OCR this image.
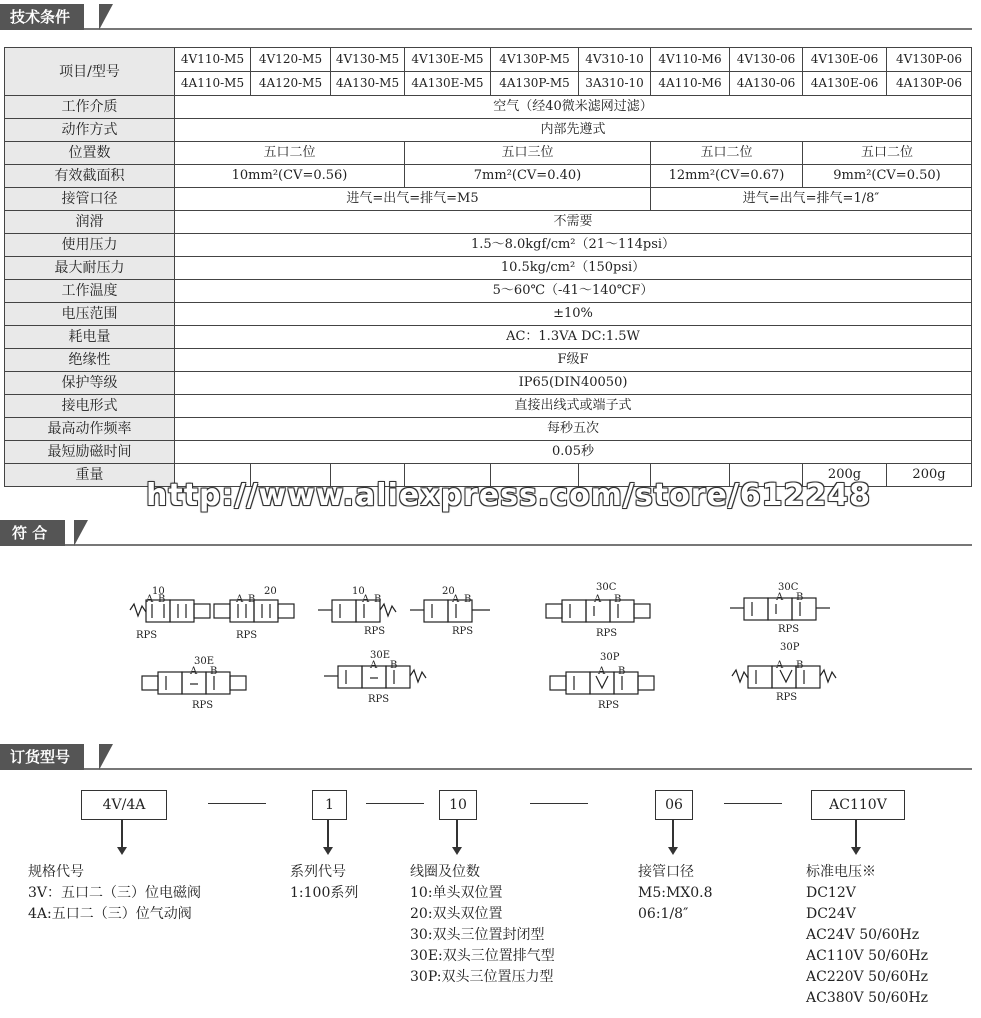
技术条件
项目/型号	4V110-M5	4V120-M5	4V130-M5	4V130E-M5	4V130P-M5	4V310-10	4V110-M6	4V130-06	4V130E-06	4V130P-06
	4A110-M5	4A120-M5	4A130-M5	4A130E-M5	4A130P-M5	3A310-10	4A110-M6	4A130-06	4A130E-06	4A130P-06
工作介质	空气（经40微米滤网过滤）									
动作方式	内部先遵式									
位置数	五口二位			五口三位			五口二位		五口二位	
有效截面积	10mm²(CV=0.56)			7mm²(CV=0.40)			12mm²(CV=0.67)		9mm²(CV=0.50)	
接管口径	进气=出气=排气=M5						进气=出气=排气=1/8″			
润滑	不需要									
使用压力	1.5～8.0kgf/cm²（21～114psi）									
最大耐压力	10.5kg/cm²（150psi）									
工作温度	5～60℃（-41～140℃F）									
电压范围	±10%									
耗电量	AC：1.3VA DC:1.5W									
绝缘性	F级F									
保护等级	IP65(DIN40050)									
接电形式	直接出线式或端子式									
最高动作频率	每秒五次									
最短励磁时间	0.05秒									
重量									200g	200g
http://www.aliexpress.com/store/612248
符 合
10	20	10	20	30C	30C
30E
30E	30P
30P
A B	A B	A B	A B	A B	A B
A B
A B
A B
A B
RPS	RPS	RPS	RPS	RPS	RPS
RPS
RPS
RPS
RPS
订货型号
4V/4A	1	10	06	AC110V
规格代号
3V：五口二（三）位电磁阀
4A:五口二（三）位气动阀
系列代号
1:100系列
线圈及位数
10:单头双位置
20:双头双位置
30:双头三位置封闭型
30E:双头三位置排气型
30P:双头三位置压力型
接管口径
M5:MX0.8
06:1/8″
标准电压※
DC12V
DC24V
AC24V 50/60Hz
AC110V 50/60Hz
AC220V 50/60Hz
AC380V 50/60Hz
